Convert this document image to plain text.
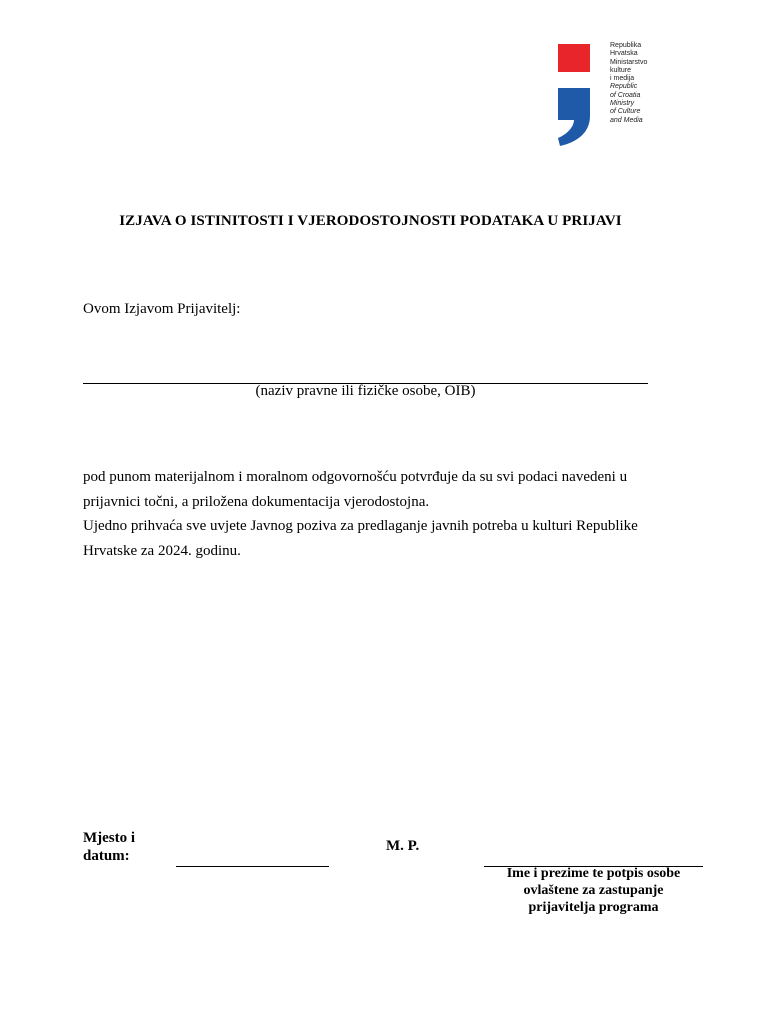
Republika
Hrvatska
Ministarstvo
kulture
i medija
Republic
of Croatia
Ministry
of Culture
and Media
IZJAVA O ISTINITOSTI I VJERODOSTOJNOSTI PODATAKA U PRIJAVI
Ovom Izjavom Prijavitelj:
(naziv pravne ili fizičke osobe, OIB)
pod punom materijalnom i moralnom odgovornošću potvrđuje da su svi podaci navedeni u
prijavnici točni, a priložena dokumentacija vjerodostojna.
Ujedno prihvaća sve uvjete Javnog poziva za predlaganje javnih potreba u kulturi Republike
Hrvatske za 2024. godinu.
Mjesto i
datum:
M. P.
Ime i prezime te potpis osobe
ovlaštene za zastupanje
prijavitelja programa
